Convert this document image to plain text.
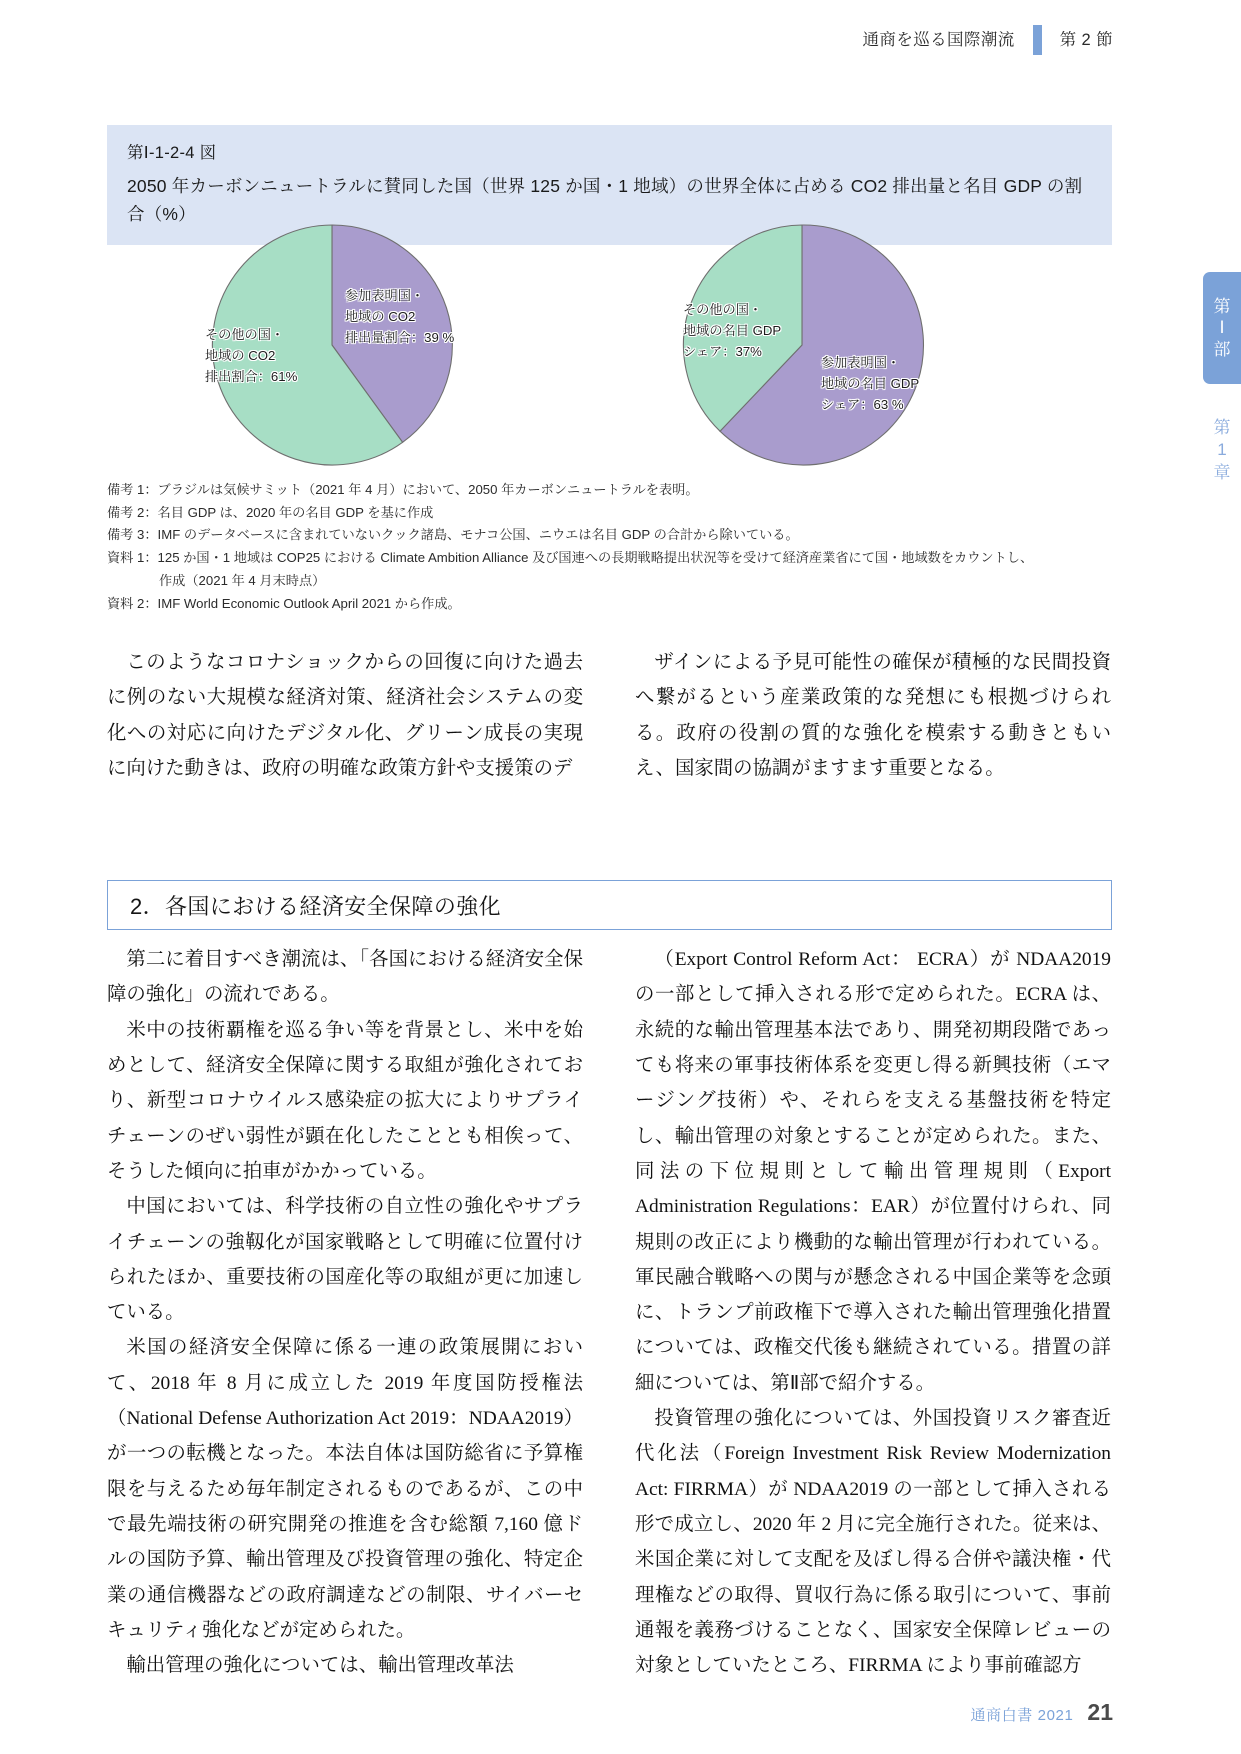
通商を巡る国際潮流	第 2 節
第
Ⅰ
部
第
1
章
第Ⅰ-1-2-4 図
2050 年カーボンニュートラルに賛同した国（世界 125 か国・1 地域）の世界全体に占める CO2 排出量と名目 GDP の割合（%）
参加表明国・
地域の CO2
排出量割合：39 %
その他の国・
地域の CO2
排出割合：61%
その他の国・
地域の名目 GDP
シェア：37%
参加表明国・
地域の名目 GDP
シェア：63 %
備考 1：ブラジルは気候サミット（2021 年 4 月）において、2050 年カーボンニュートラルを表明。
備考 2：名目 GDP は、2020 年の名目 GDP を基に作成
備考 3：IMF のデータベースに含まれていないクック諸島、モナコ公国、ニウエは名目 GDP の合計から除いている。
資料 1：125 か国・1 地域は COP25 における Climate Ambition Alliance 及び国連への長期戦略提出状況等を受けて経済産業省にて国・地域数をカウントし、
作成（2021 年 4 月末時点）
資料 2：IMF World Economic Outlook April 2021 から作成。

このようなコロナショックからの回復に向けた過去に例のない大規模な経済対策、経済社会システムの変化への対応に向けたデジタル化、グリーン成長の実現に向けた動きは、政府の明確な政策方針や支援策のデ

ザインによる予見可能性の確保が積極的な民間投資へ繋がるという産業政策的な発想にも根拠づけられる。政府の役割の質的な強化を模索する動きともいえ、国家間の協調がますます重要となる。

2．各国における経済安全保障の強化

第二に着目すべき潮流は、「各国における経済安全保障の強化」の流れである。

米中の技術覇権を巡る争い等を背景とし、米中を始めとして、経済安全保障に関する取組が強化されており、新型コロナウイルス感染症の拡大によりサプライチェーンのぜい弱性が顕在化したこととも相俟って、そうした傾向に拍車がかかっている。

中国においては、科学技術の自立性の強化やサプライチェーンの強靱化が国家戦略として明確に位置付けられたほか、重要技術の国産化等の取組が更に加速している。

米国の経済安全保障に係る一連の政策展開において、2018 年 8 月に成立した 2019 年度国防授権法（National Defense Authorization Act 2019：NDAA2019）が一つの転機となった。本法自体は国防総省に予算権限を与えるため毎年制定されるものであるが、この中で最先端技術の研究開発の推進を含む総額 7,160 億ドルの国防予算、輸出管理及び投資管理の強化、特定企業の通信機器などの政府調達などの制限、サイバーセキュリティ強化などが定められた。

輸出管理の強化については、輸出管理改革法

（Export Control Reform Act： ECRA）が NDAA2019の一部として挿入される形で定められた。ECRA は、永続的な輸出管理基本法であり、開発初期段階であっても将来の軍事技術体系を変更し得る新興技術（エマージング技術）や、それらを支える基盤技術を特定し、輸出管理の対象とすることが定められた。また、同法の下位規則として輸出管理規則（Export Administration Regulations：EAR）が位置付けられ、同規則の改正により機動的な輸出管理が行われている。軍民融合戦略への関与が懸念される中国企業等を念頭に、トランプ前政権下で導入された輸出管理強化措置については、政権交代後も継続されている。措置の詳細については、第Ⅱ部で紹介する。

投資管理の強化については、外国投資リスク審査近代化法（Foreign Investment Risk Review Modernization Act: FIRRMA）が NDAA2019 の一部として挿入される形で成立し、2020 年 2 月に完全施行された。従来は、米国企業に対して支配を及ぼし得る合併や議決権・代理権などの取得、買収行為に係る取引について、事前通報を義務づけることなく、国家安全保障レビューの対象としていたところ、FIRRMA により事前確認方

通商白書 2021 21
